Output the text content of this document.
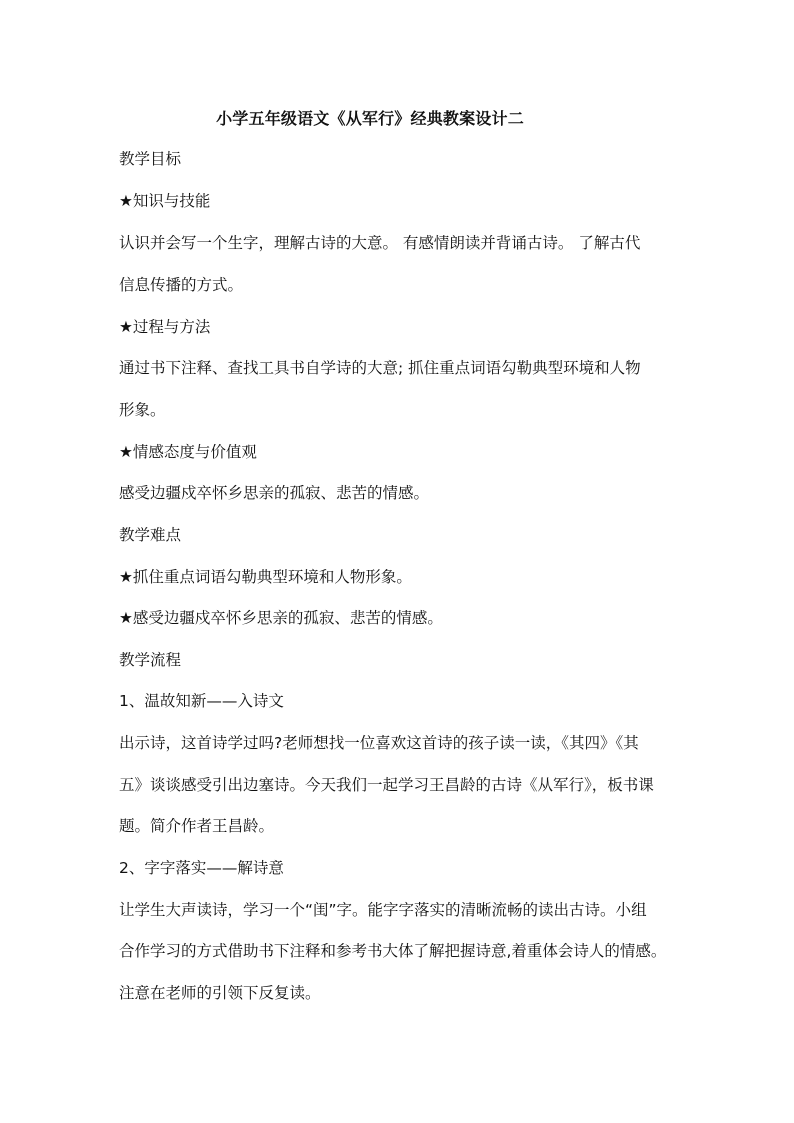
小学五年级语文《从军行》经典教案设计二
教学目标
★知识与技能
认识并会写一个生字，理解古诗的大意。 有感情朗读并背诵古诗。 了解古代
信息传播的方式。
★过程与方法
通过书下注释、查找工具书自学诗的大意; 抓住重点词语勾勒典型环境和人物
形象。
★情感态度与价值观
感受边疆戍卒怀乡思亲的孤寂、悲苦的情感。
教学难点
★抓住重点词语勾勒典型环境和人物形象。
★感受边疆戍卒怀乡思亲的孤寂、悲苦的情感。
教学流程
1、温故知新——入诗文
出示诗，这首诗学过吗?老师想找一位喜欢这首诗的孩子读一读，《其四》《其
五》谈谈感受引出边塞诗。今天我们一起学习王昌龄的古诗《从军行》，板书课
题。简介作者王昌龄。
2、字字落实——解诗意
让学生大声读诗，学习一个“闺”字。能字字落实的清晰流畅的读出古诗。小组
合作学习的方式借助书下注释和参考书大体了解把握诗意,着重体会诗人的情感。
注意在老师的引领下反复读。
